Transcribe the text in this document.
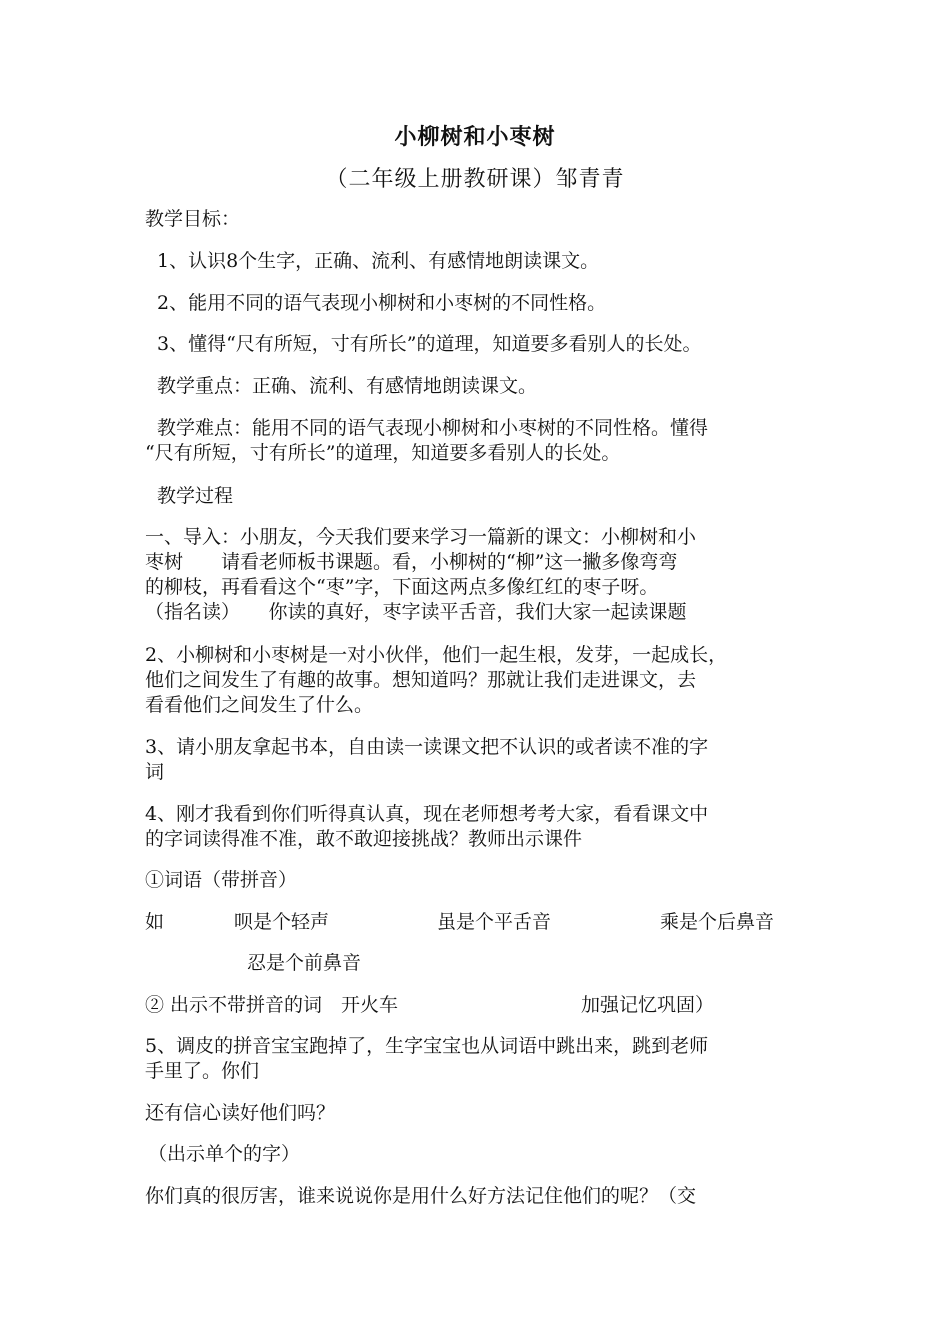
小柳树和小枣树
（二年级上册教研课）邹青青
教学目标：
1、认识8个生字，正确、流利、有感情地朗读课文。
2、能用不同的语气表现小柳树和小枣树的不同性格。
3、懂得“尺有所短，寸有所长”的道理，知道要多看别人的长处。
教学重点：正确、流利、有感情地朗读课文。
教学难点：能用不同的语气表现小柳树和小枣树的不同性格。懂得
“尺有所短，寸有所长”的道理，知道要多看别人的长处。
教学过程
一、导入：小朋友，今天我们要来学习一篇新的课文：小柳树和小
枣树　　请看老师板书课题。看，小柳树的“柳”这一撇多像弯弯
的柳枝，再看看这个“枣”字，下面这两点多像红红的枣子呀。
（指名读）　　你读的真好，枣字读平舌音，我们大家一起读课题
2、小柳树和小枣树是一对小伙伴，他们一起生根，发芽，一起成长，
他们之间发生了有趣的故事。想知道吗？那就让我们走进课文，去
看看他们之间发生了什么。
3、请小朋友拿起书本，自由读一读课文把不认识的或者读不准的字
词
4、刚才我看到你们听得真认真，现在老师想考考大家，看看课文中
的字词读得准不准，敢不敢迎接挑战？教师出示课件
①词语（带拼音）
如	呗是个轻声	虽是个平舌音	乘是个后鼻音
忍是个前鼻音
② 出示不带拼音的词　开火车	加强记忆巩固）
5、调皮的拼音宝宝跑掉了，生字宝宝也从词语中跳出来，跳到老师
手里了。你们
还有信心读好他们吗？
（出示单个的字）
你们真的很厉害，谁来说说你是用什么好方法记住他们的呢？（交
